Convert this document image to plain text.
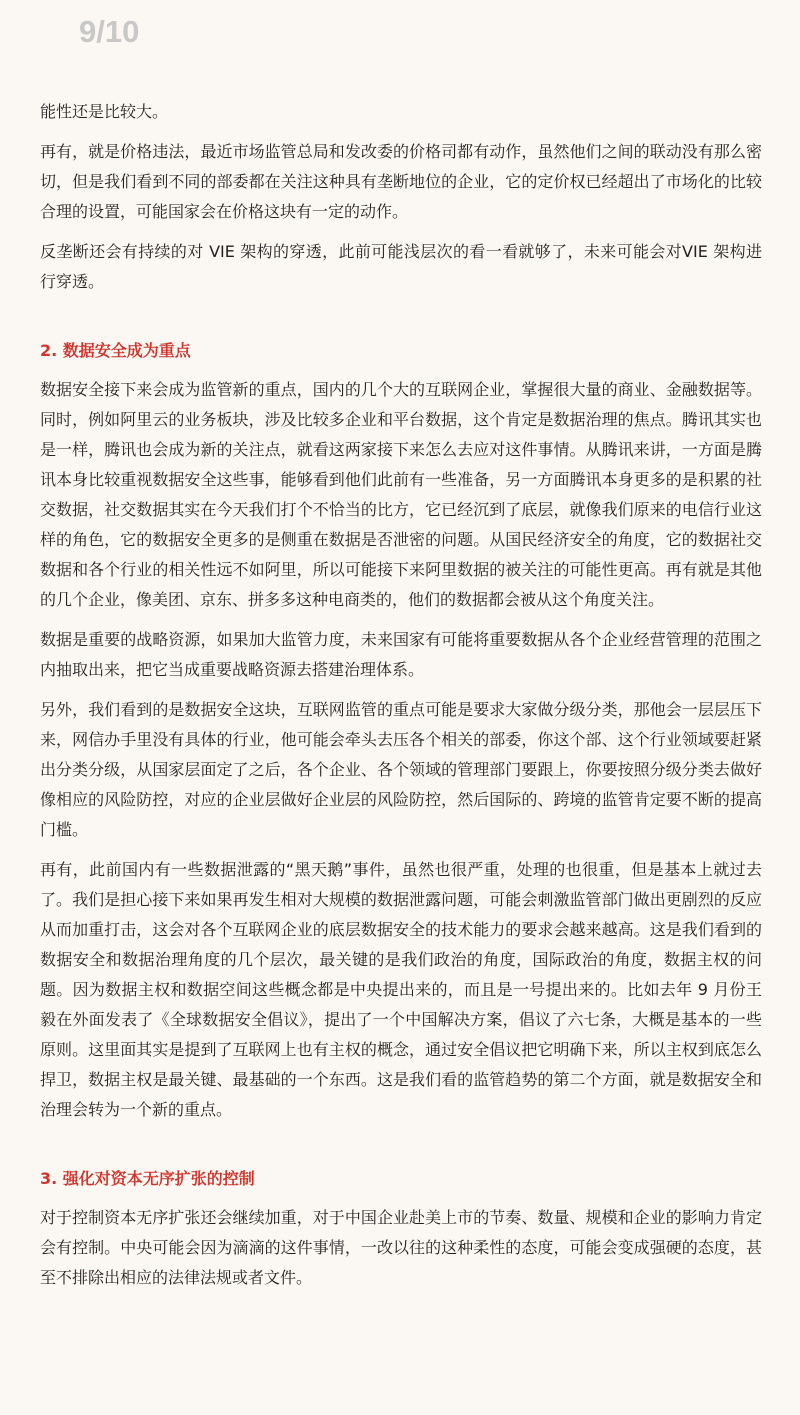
9/10

能性还是比较大。

再有，就是价格违法，最近市场监管总局和发改委的价格司都有动作，虽然他们之间的联动没有那么密切，但是我们看到不同的部委都在关注这种具有垄断地位的企业，它的定价权已经超出了市场化的比较合理的设置，可能国家会在价格这块有一定的动作。

反垄断还会有持续的对 VIE 架构的穿透，此前可能浅层次的看一看就够了，未来可能会对VIE 架构进行穿透。

2. 数据安全成为重点

数据安全接下来会成为监管新的重点，国内的几个大的互联网企业，掌握很大量的商业、金融数据等。同时，例如阿里云的业务板块，涉及比较多企业和平台数据，这个肯定是数据治理的焦点。腾讯其实也是一样，腾讯也会成为新的关注点，就看这两家接下来怎么去应对这件事情。从腾讯来讲，一方面是腾讯本身比较重视数据安全这些事，能够看到他们此前有一些准备，另一方面腾讯本身更多的是积累的社交数据，社交数据其实在今天我们打个不恰当的比方，它已经沉到了底层，就像我们原来的电信行业这样的角色，它的数据安全更多的是侧重在数据是否泄密的问题。从国民经济安全的角度，它的数据社交数据和各个行业的相关性远不如阿里，所以可能接下来阿里数据的被关注的可能性更高。再有就是其他的几个企业，像美团、京东、拼多多这种电商类的，他们的数据都会被从这个角度关注。

数据是重要的战略资源，如果加大监管力度，未来国家有可能将重要数据从各个企业经营管理的范围之内抽取出来，把它当成重要战略资源去搭建治理体系。

另外，我们看到的是数据安全这块，互联网监管的重点可能是要求大家做分级分类，那他会一层层压下来，网信办手里没有具体的行业，他可能会牵头去压各个相关的部委，你这个部、这个行业领域要赶紧出分类分级，从国家层面定了之后，各个企业、各个领域的管理部门要跟上，你要按照分级分类去做好像相应的风险防控，对应的企业层做好企业层的风险防控，然后国际的、跨境的监管肯定要不断的提高门槛。

再有，此前国内有一些数据泄露的“黑天鹅”事件，虽然也很严重，处理的也很重，但是基本上就过去了。我们是担心接下来如果再发生相对大规模的数据泄露问题，可能会刺激监管部门做出更剧烈的反应从而加重打击，这会对各个互联网企业的底层数据安全的技术能力的要求会越来越高。这是我们看到的数据安全和数据治理角度的几个层次，最关键的是我们政治的角度，国际政治的角度，数据主权的问题。因为数据主权和数据空间这些概念都是中央提出来的，而且是一号提出来的。比如去年 9 月份王毅在外面发表了《全球数据安全倡议》，提出了一个中国解决方案，倡议了六七条，大概是基本的一些原则。这里面其实是提到了互联网上也有主权的概念，通过安全倡议把它明确下来，所以主权到底怎么捍卫，数据主权是最关键、最基础的一个东西。这是我们看的监管趋势的第二个方面，就是数据安全和治理会转为一个新的重点。

3. 强化对资本无序扩张的控制

对于控制资本无序扩张还会继续加重，对于中国企业赴美上市的节奏、数量、规模和企业的影响力肯定会有控制。中央可能会因为滴滴的这件事情，一改以往的这种柔性的态度，可能会变成强硬的态度，甚至不排除出相应的法律法规或者文件。
